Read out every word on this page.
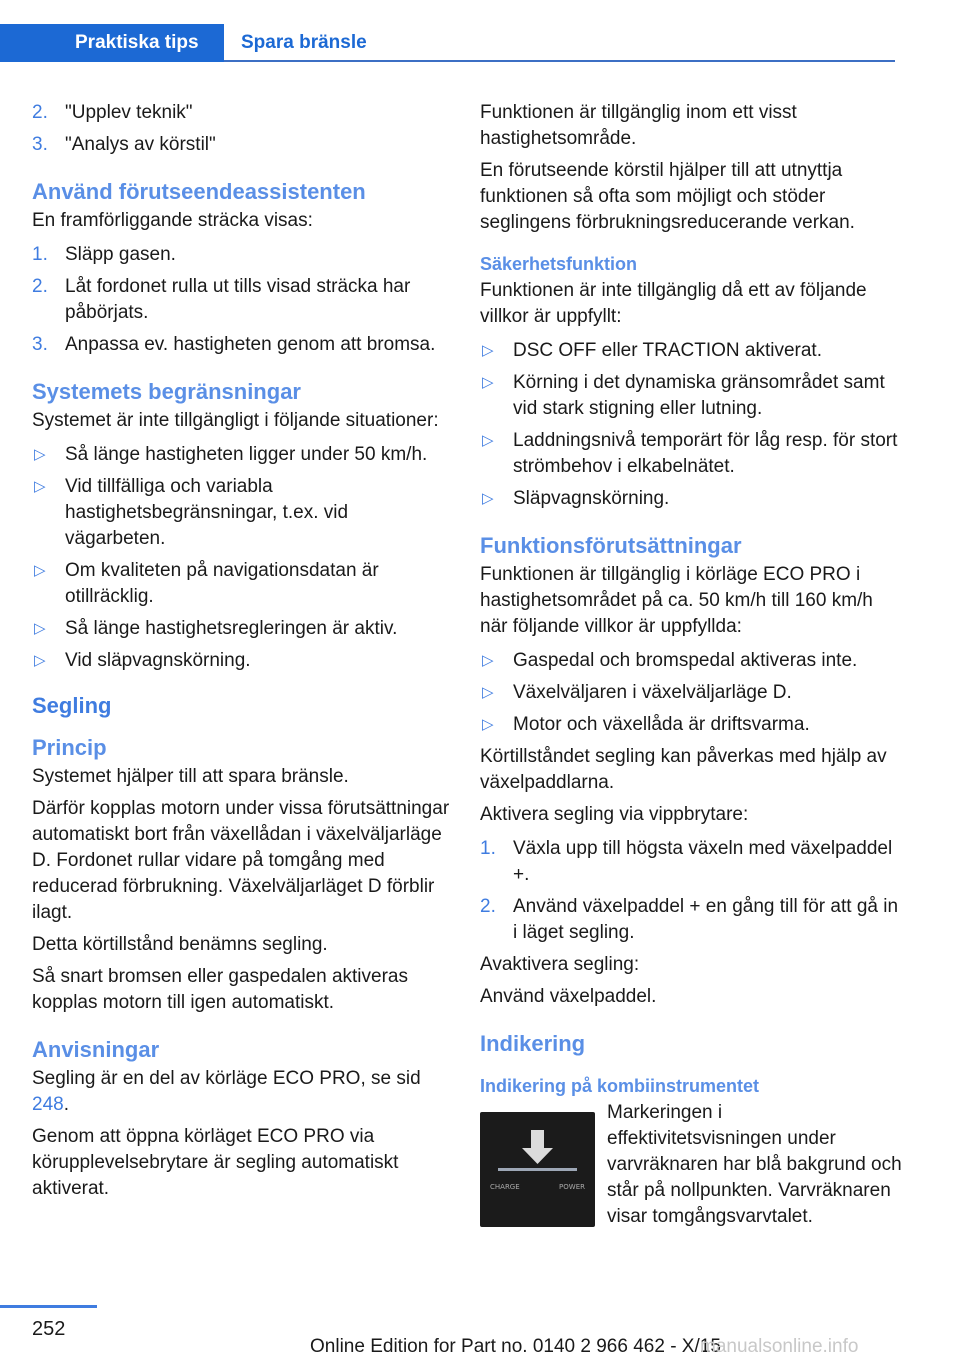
Praktiska tips	Spara bränsle
2. "Upplev teknik"
3. "Analys av körstil"
Använd förutseendeassistenten
En framförliggande sträcka visas:
1. Släpp gasen.
2. Låt fordonet rulla ut tills visad sträcka har påbörjats.
3. Anpassa ev. hastigheten genom att bromsa.
Systemets begränsningar
Systemet är inte tillgängligt i följande situationer:
▷ Så länge hastigheten ligger under 50 km/h.
▷ Vid tillfälliga och variabla hastighetsbegränsningar, t.ex. vid vägarbeten.
▷ Om kvaliteten på navigationsdatan är otillräcklig.
▷ Så länge hastighetsregleringen är aktiv.
▷ Vid släpvagnskörning.
Segling
Princip
Systemet hjälper till att spara bränsle.
Därför kopplas motorn under vissa förutsättningar automatiskt bort från växellådan i växelväljarläge D. Fordonet rullar vidare på tomgång med reducerad förbrukning. Växelväljarläget D förblir ilagt.
Detta körtillstånd benämns segling.
Så snart bromsen eller gaspedalen aktiveras kopplas motorn till igen automatiskt.
Anvisningar
Segling är en del av körläge ECO PRO, se sid 248.
Genom att öppna körläget ECO PRO via körupplevelsebrytare är segling automatiskt aktiverat.
Funktionen är tillgänglig inom ett visst hastighetsområde.
En förutseende körstil hjälper till att utnyttja funktionen så ofta som möjligt och stöder seglingens förbrukningsreducerande verkan.
Säkerhetsfunktion
Funktionen är inte tillgänglig då ett av följande villkor är uppfyllt:
▷ DSC OFF eller TRACTION aktiverat.
▷ Körning i det dynamiska gränsområdet samt vid stark stigning eller lutning.
▷ Laddningsnivå temporärt för låg resp. för stort strömbehov i elkabelnätet.
▷ Släpvagnskörning.
Funktionsförutsättningar
Funktionen är tillgänglig i körläge ECO PRO i hastighetsområdet på ca. 50 km/h till 160 km/h när följande villkor är uppfyllda:
▷ Gaspedal och bromspedal aktiveras inte.
▷ Växelväljaren i växelväljarläge D.
▷ Motor och växellåda är driftsvarma.
Körtillståndet segling kan påverkas med hjälp av växelpaddlarna.
Aktivera segling via vippbrytare:
1. Växla upp till högsta växeln med växelpaddel +.
2. Använd växelpaddel + en gång till för att gå in i läget segling.
Avaktivera segling:
Använd växelpaddel.
Indikering
Indikering på kombiinstrumentet
CHARGE	POWER
Markeringen i effektivitetsvisningen under varvräknaren har blå bakgrund och står på nollpunkten. Varvräknaren visar tomgångsvarvtalet.
252
Online Edition for Part no. 0140 2 966 462 - X/15
manualsonline.info
